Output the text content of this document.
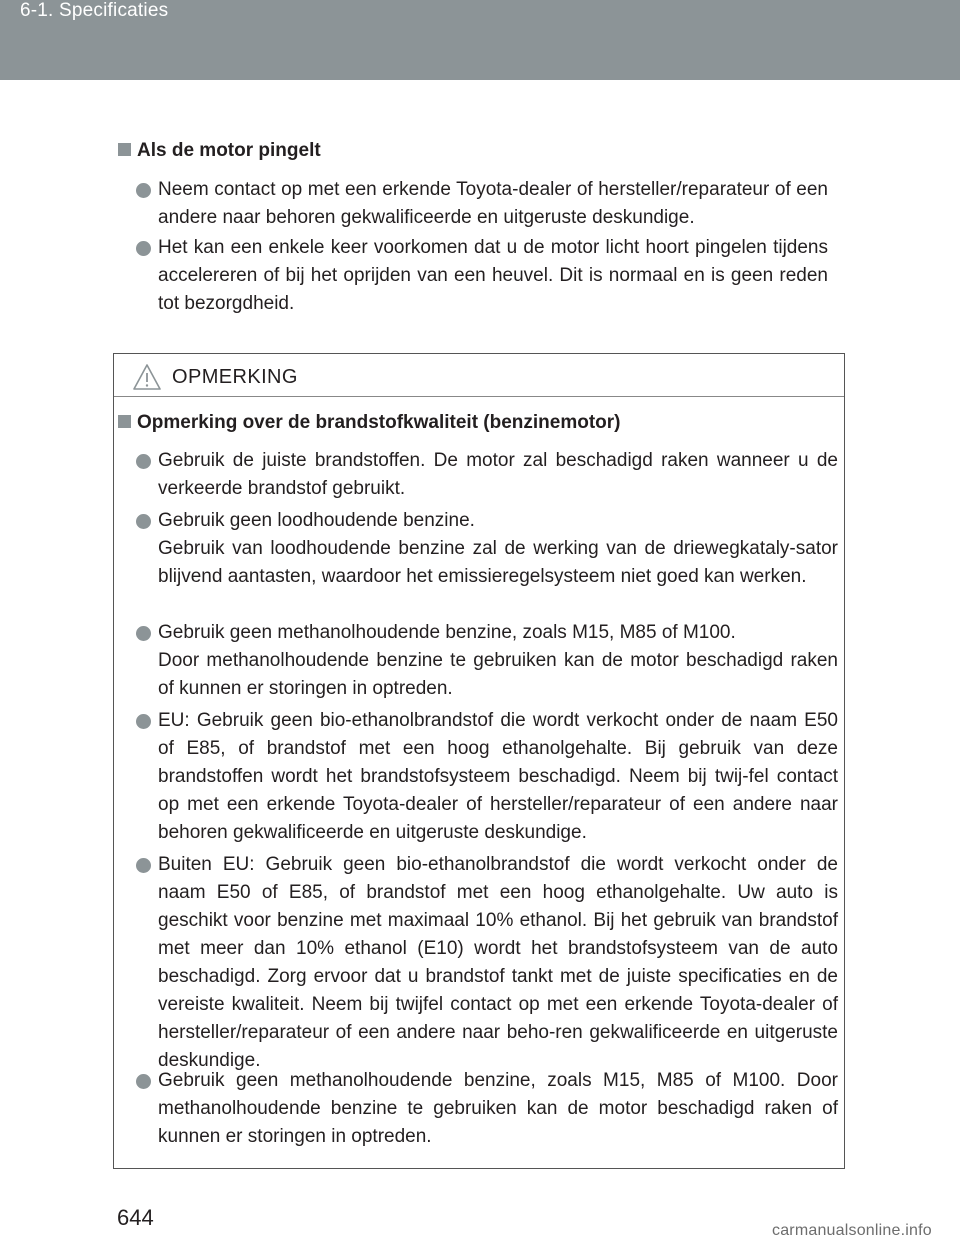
6-1. Specificaties
Als de motor pingelt

Neem contact op met een erkende Toyota-dealer of hersteller/reparateur of een andere naar behoren gekwalificeerde en uitgeruste deskundige.

Het kan een enkele keer voorkomen dat u de motor licht hoort pingelen tijdens accelereren of bij het oprijden van een heuvel. Dit is normaal en is geen reden tot bezorgdheid.

OPMERKING
Opmerking over de brandstofkwaliteit (benzinemotor)

Gebruik de juiste brandstoffen. De motor zal beschadigd raken wanneer u de verkeerde brandstof gebruikt.

Gebruik geen loodhoudende benzine.

Gebruik van loodhoudende benzine zal de werking van de driewegkataly-sator blijvend aantasten, waardoor het emissieregelsysteem niet goed kan werken.

Gebruik geen methanolhoudende benzine, zoals M15, M85 of M100.

Door methanolhoudende benzine te gebruiken kan de motor beschadigd raken of kunnen er storingen in optreden.

EU: Gebruik geen bio-ethanolbrandstof die wordt verkocht onder de naam E50 of E85, of brandstof met een hoog ethanolgehalte. Bij gebruik van deze brandstoffen wordt het brandstofsysteem beschadigd. Neem bij twij-fel contact op met een erkende Toyota-dealer of hersteller/reparateur of een andere naar behoren gekwalificeerde en uitgeruste deskundige.

Buiten EU: Gebruik geen bio-ethanolbrandstof die wordt verkocht onder de naam E50 of E85, of brandstof met een hoog ethanolgehalte. Uw auto is geschikt voor benzine met maximaal 10% ethanol. Bij het gebruik van brandstof met meer dan 10% ethanol (E10) wordt het brandstofsysteem van de auto beschadigd. Zorg ervoor dat u brandstof tankt met de juiste specificaties en de vereiste kwaliteit. Neem bij twijfel contact op met een erkende Toyota-dealer of hersteller/reparateur of een andere naar beho-ren gekwalificeerde en uitgeruste deskundige.

Gebruik geen methanolhoudende benzine, zoals M15, M85 of M100. Door methanolhoudende benzine te gebruiken kan de motor beschadigd raken of kunnen er storingen in optreden.

644
carmanualsonline.info
